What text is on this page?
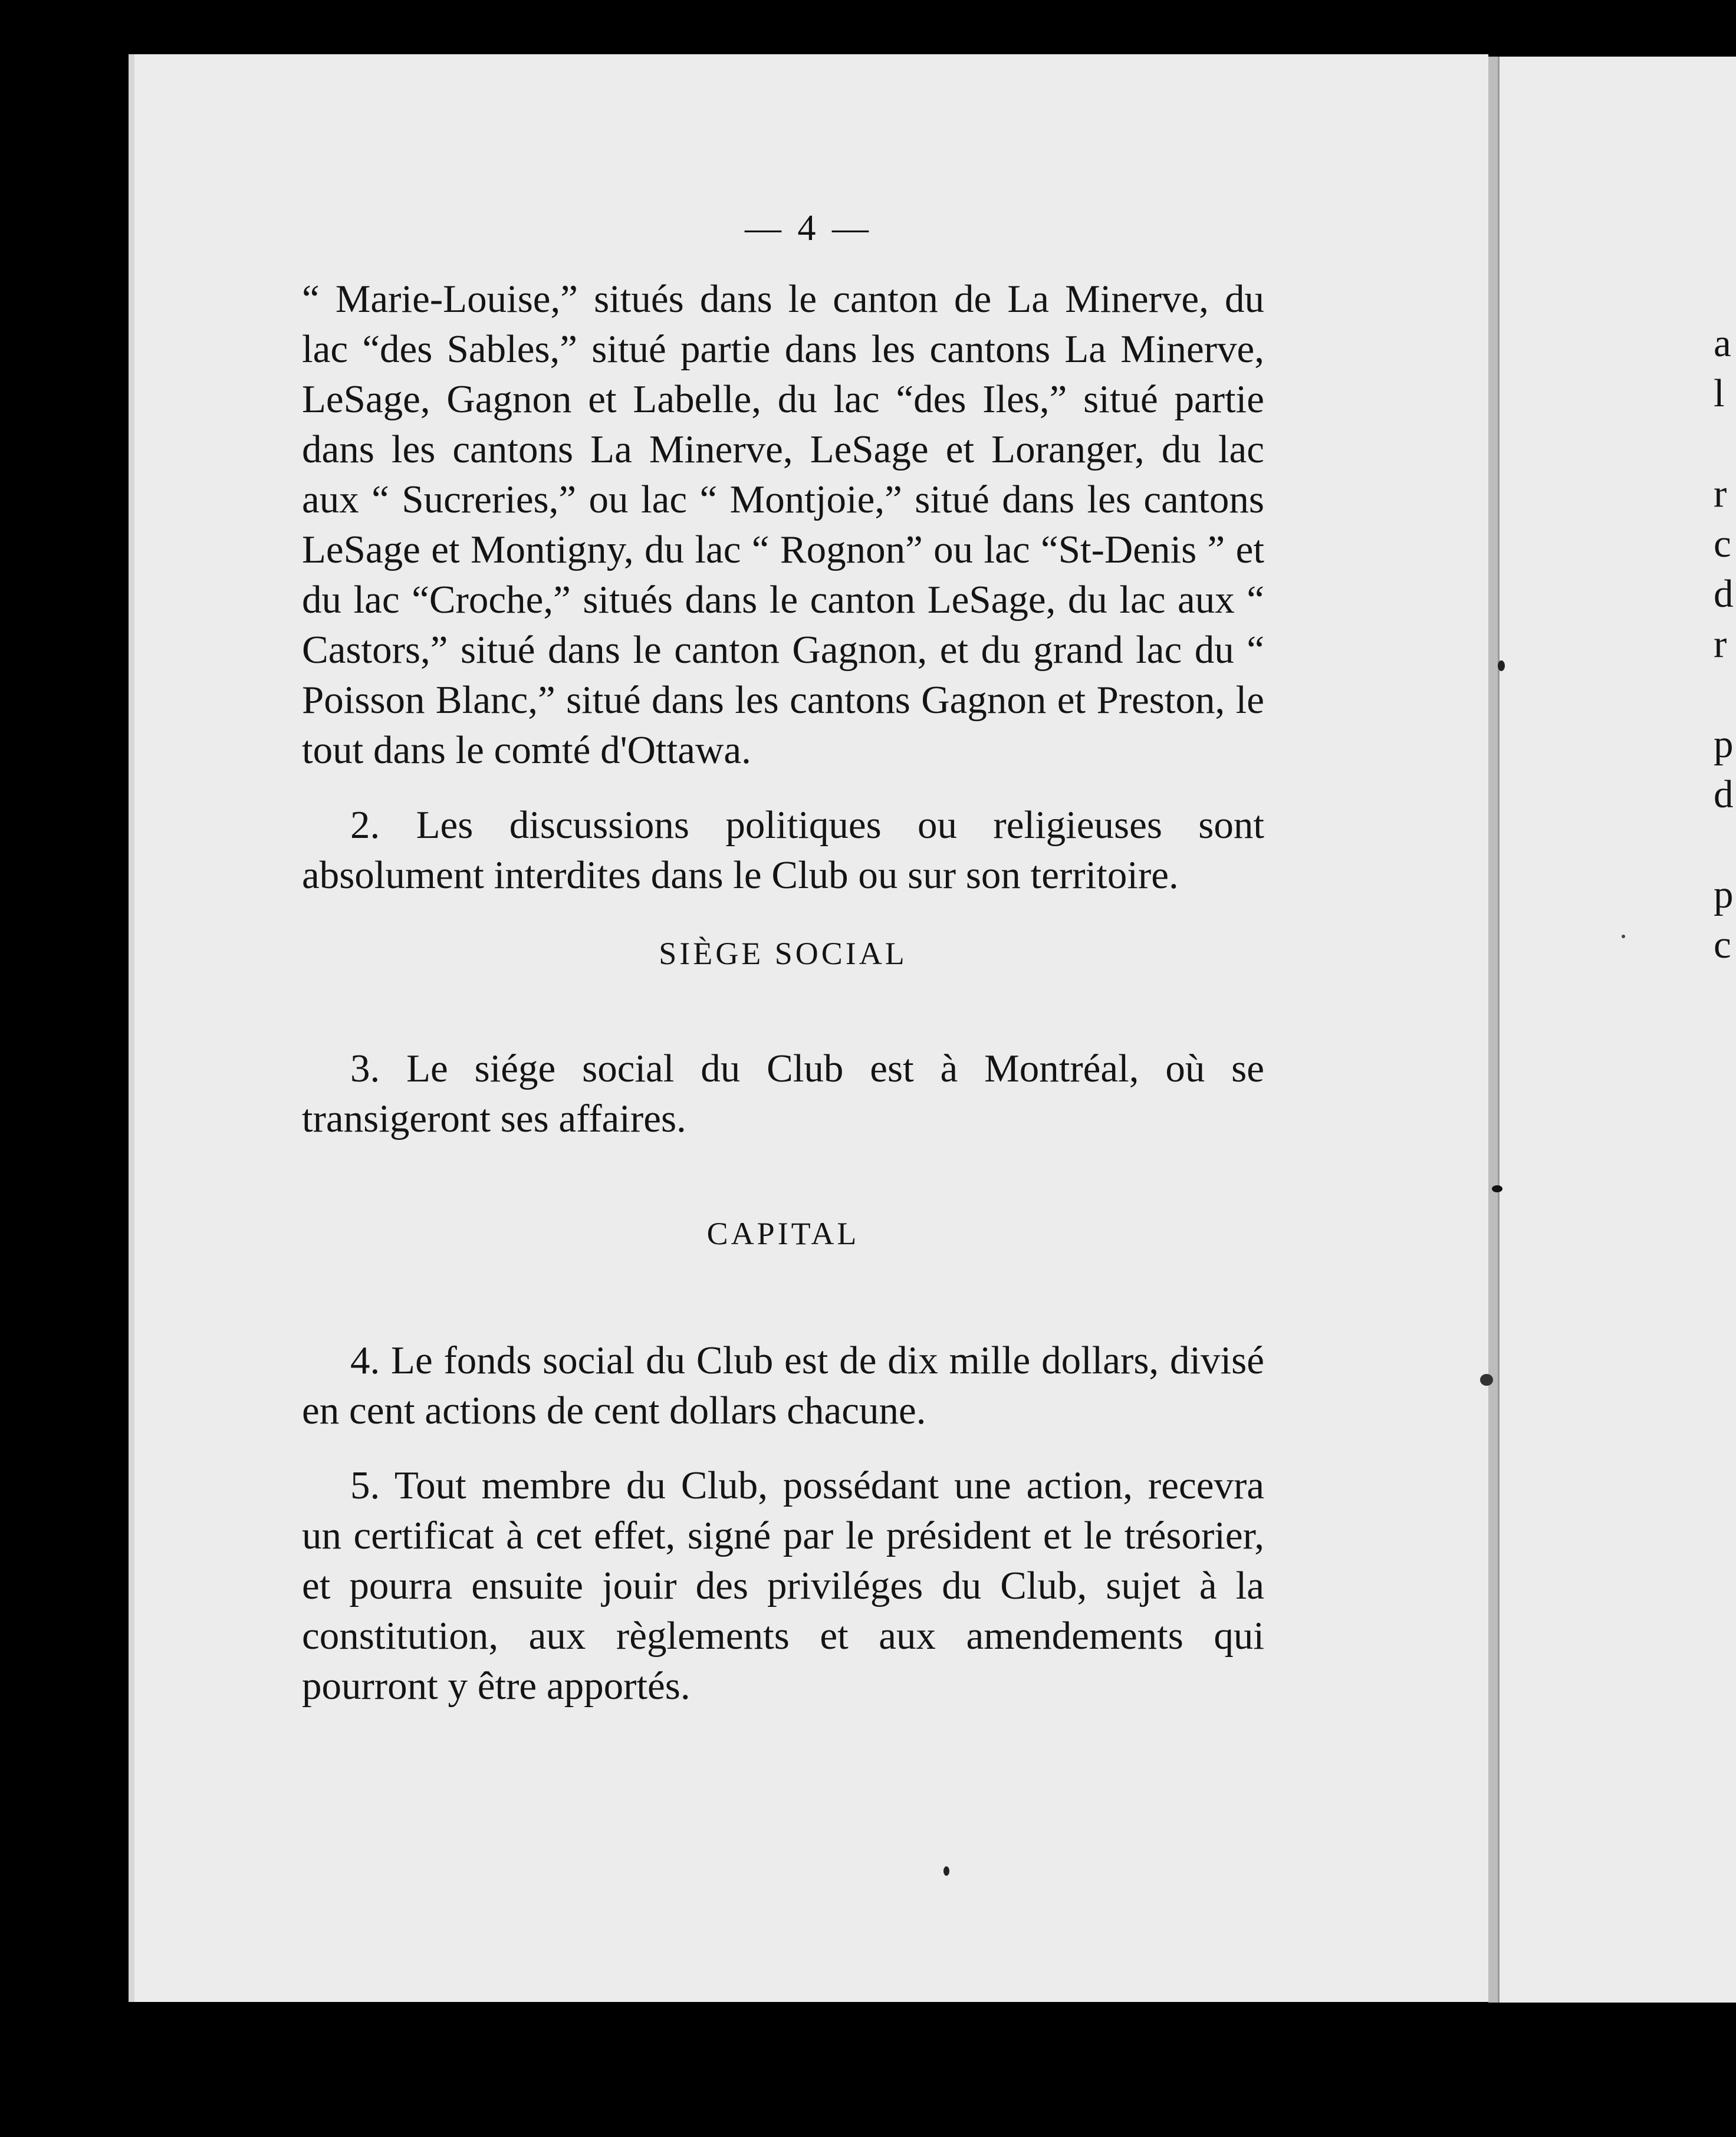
— 4 —

“ Marie-Louise,” situés dans le canton de La Minerve, du lac “des Sables,” situé partie dans les cantons La Minerve, LeSage, Gagnon et Labelle, du lac “des Iles,” situé partie dans les cantons La Minerve, LeSage et Loranger, du lac aux “ Sucreries,” ou lac “ Montjoie,” situé dans les cantons LeSage et Montigny, du lac “ Rognon” ou lac “St-Denis ” et du lac “Croche,” situés dans le canton LeSage, du lac aux “ Castors,” situé dans le canton Gagnon, et du grand lac du “ Poisson Blanc,” situé dans les cantons Gagnon et Preston, le tout dans le comté d'Ottawa.

2. Les discussions politiques ou religieuses sont absolument interdites dans le Club ou sur son territoire.

SIÈGE SOCIAL

3. Le siége social du Club est à Montréal, où se transigeront ses affaires.

CAPITAL

4. Le fonds social du Club est de dix mille dollars, divisé en cent actions de cent dollars chacune.

5. Tout membre du Club, possédant une action, recevra un certificat à cet effet, signé par le président et le trésorier, et pourra ensuite jouir des priviléges du Club, sujet à la constitution, aux règlements et aux amendements qui pourront y être apportés.

a
l

r
c
d
r

p
d

p
c
